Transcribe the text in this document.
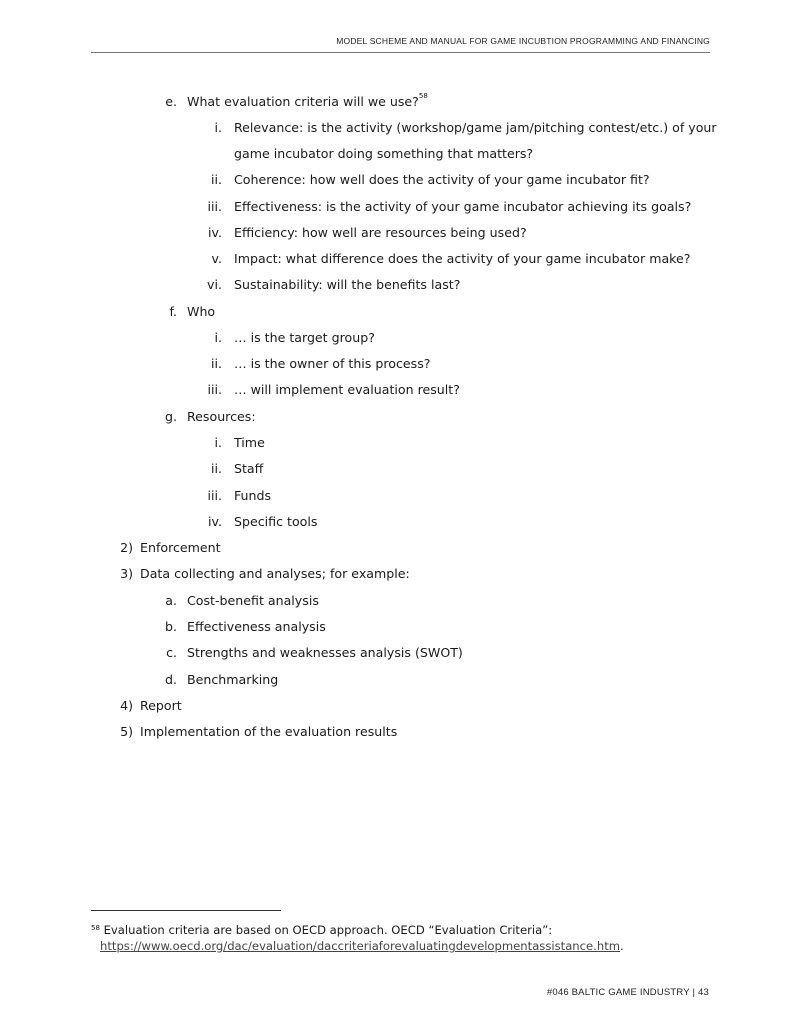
MODEL SCHEME AND MANUAL FOR GAME INCUBTION PROGRAMMING AND FINANCING
e. What evaluation criteria will we use?$^{58}$
i. Relevance: is the activity (workshop/game jam/pitching contest/etc.) of your
game incubator doing something that matters?
ii. Coherence: how well does the activity of your game incubator fit?
iii. Effectiveness: is the activity of your game incubator achieving its goals?
iv. Efficiency: how well are resources being used?
v. Impact: what difference does the activity of your game incubator make?
vi. Sustainability: will the benefits last?
f. Who
i. … is the target group?
ii. … is the owner of this process?
iii. … will implement evaluation result?
g. Resources:
i. Time
ii. Staff
iii. Funds
iv. Specific tools
2) Enforcement
3) Data collecting and analyses; for example:
a. Cost-benefit analysis
b. Effectiveness analysis
c. Strengths and weaknesses analysis (SWOT)
d. Benchmarking
4) Report
5) Implementation of the evaluation results
$^{58}$ Evaluation criteria are based on OECD approach. OECD “Evaluation Criteria”:
https://www.oecd.org/dac/evaluation/daccriteriaforevaluatingdevelopmentassistance.htm.
#046 BALTIC GAME INDUSTRY | 43
